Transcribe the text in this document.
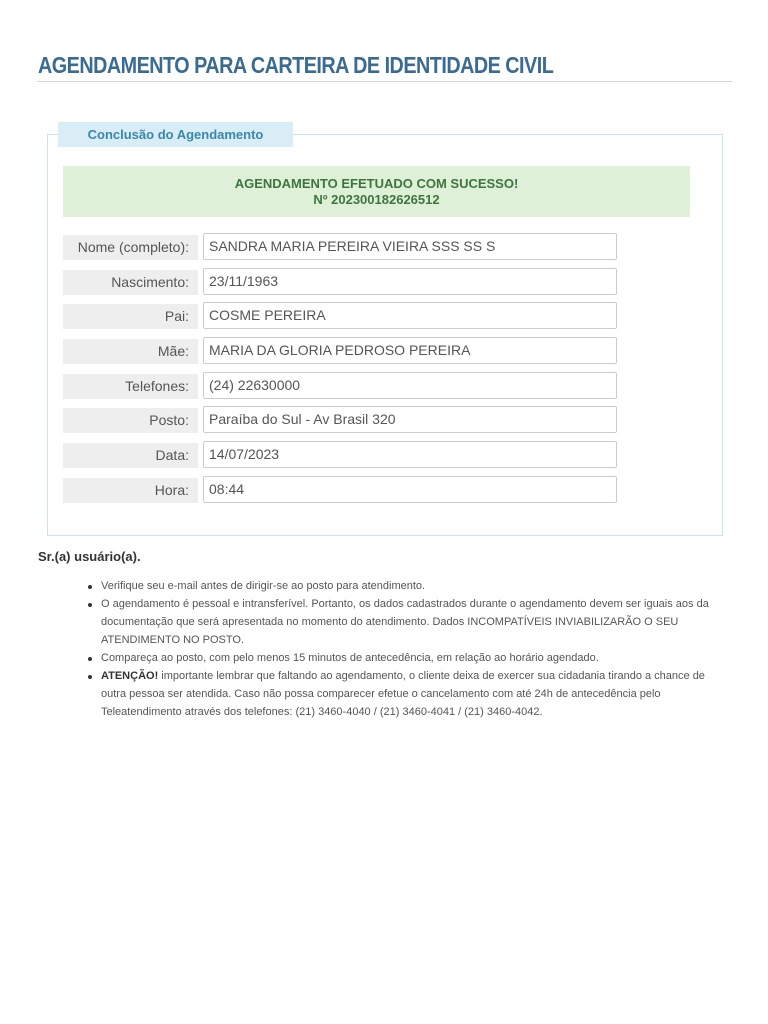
AGENDAMENTO PARA CARTEIRA DE IDENTIDADE CIVIL
Conclusão do Agendamento
AGENDAMENTO EFETUADO COM SUCESSO!
Nº 202300182626512
Nome (completo):	SANDRA MARIA PEREIRA VIEIRA SSS SS S
Nascimento:	23/11/1963
Pai:	COSME PEREIRA
Mãe:	MARIA DA GLORIA PEDROSO PEREIRA
Telefones:	(24) 22630000
Posto:	Paraíba do Sul - Av Brasil 320
Data:	14/07/2023
Hora:	08:44
Sr.(a) usuário(a).
Verifique seu e-mail antes de dirigir-se ao posto para atendimento.
O agendamento é pessoal e intransferível. Portanto, os dados cadastrados durante o agendamento devem ser iguais aos da documentação que será apresentada no momento do atendimento. Dados INCOMPATÍVEIS INVIABILIZARÃO O SEU ATENDIMENTO NO POSTO.
Compareça ao posto, com pelo menos 15 minutos de antecedência, em relação ao horário agendado.
ATENÇÃO! importante lembrar que faltando ao agendamento, o cliente deixa de exercer sua cidadania tirando a chance de outra pessoa ser atendida. Caso não possa comparecer efetue o cancelamento com até 24h de antecedência pelo Teleatendimento através dos telefones: (21) 3460-4040 / (21) 3460-4041 / (21) 3460-4042.
